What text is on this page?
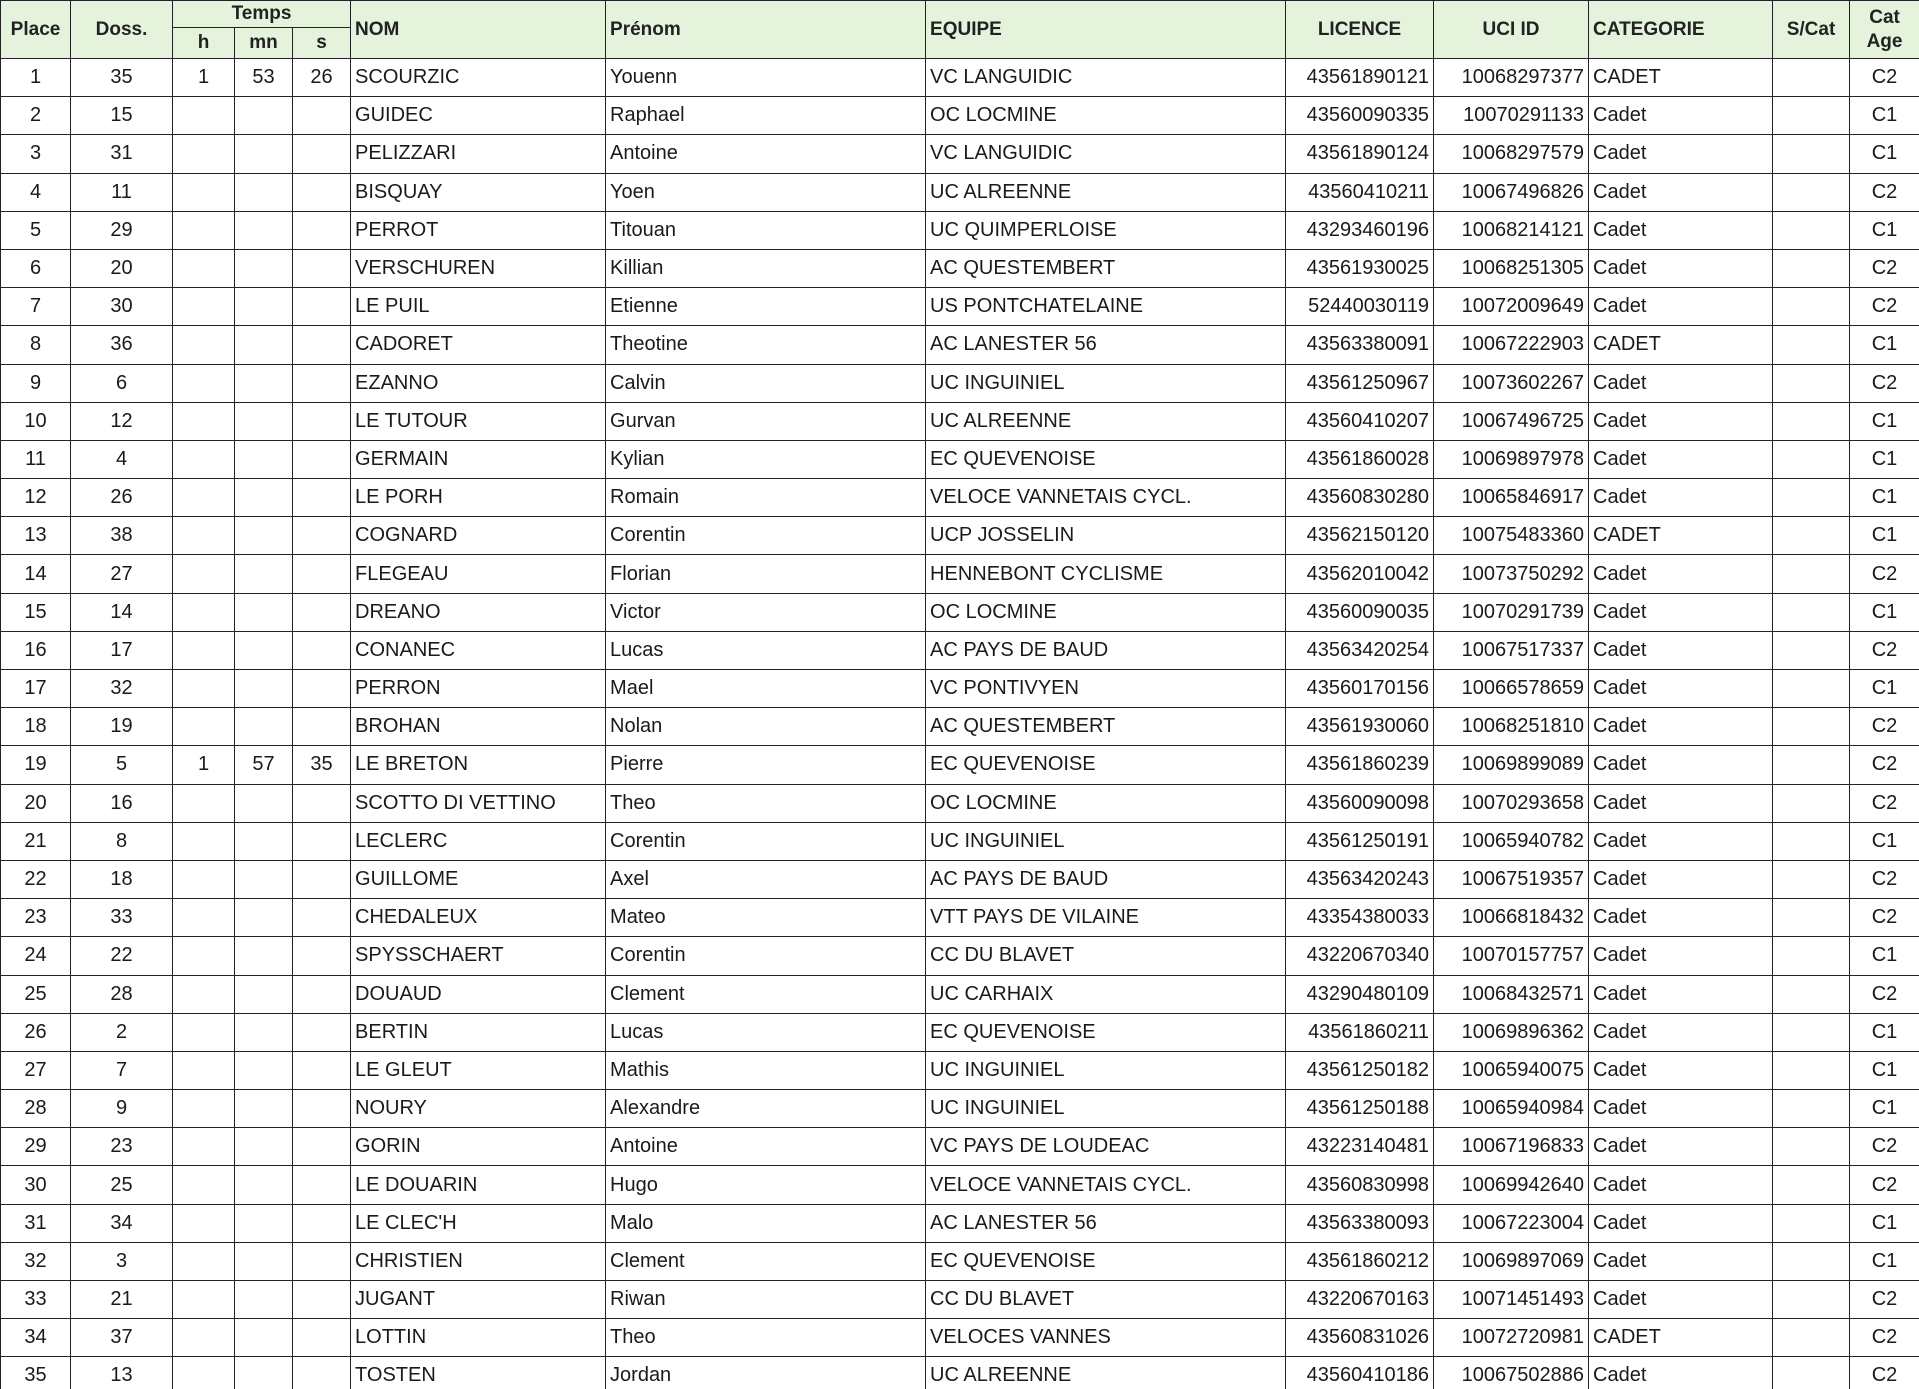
Place	Doss.	Temps			NOM	Prénom	EQUIPE	LICENCE	UCI ID	CATEGORIE	S/Cat	Cat
Age

		h	mn	s								
1	35	1	53	26	SCOURZIC	Youenn	VC LANGUIDIC	43561890121	10068297377	CADET		C2
2	15				GUIDEC	Raphael	OC LOCMINE	43560090335	10070291133	Cadet		C1
3	31				PELIZZARI	Antoine	VC LANGUIDIC	43561890124	10068297579	Cadet		C1
4	11				BISQUAY	Yoen	UC ALREENNE	43560410211	10067496826	Cadet		C2
5	29				PERROT	Titouan	UC QUIMPERLOISE	43293460196	10068214121	Cadet		C1
6	20				VERSCHUREN	Killian	AC QUESTEMBERT	43561930025	10068251305	Cadet		C2
7	30				LE PUIL	Etienne	US PONTCHATELAINE	52440030119	10072009649	Cadet		C2
8	36				CADORET	Theotine	AC LANESTER 56	43563380091	10067222903	CADET		C1
9	6				EZANNO	Calvin	UC INGUINIEL	43561250967	10073602267	Cadet		C2
10	12				LE TUTOUR	Gurvan	UC ALREENNE	43560410207	10067496725	Cadet		C1
11	4				GERMAIN	Kylian	EC QUEVENOISE	43561860028	10069897978	Cadet		C1
12	26				LE PORH	Romain	VELOCE VANNETAIS CYCL.	43560830280	10065846917	Cadet		C1
13	38				COGNARD	Corentin	UCP JOSSELIN	43562150120	10075483360	CADET		C1
14	27				FLEGEAU	Florian	HENNEBONT CYCLISME	43562010042	10073750292	Cadet		C2
15	14				DREANO	Victor	OC LOCMINE	43560090035	10070291739	Cadet		C1
16	17				CONANEC	Lucas	AC PAYS DE BAUD	43563420254	10067517337	Cadet		C2
17	32				PERRON	Mael	VC PONTIVYEN	43560170156	10066578659	Cadet		C1
18	19				BROHAN	Nolan	AC QUESTEMBERT	43561930060	10068251810	Cadet		C2
19	5	1	57	35	LE BRETON	Pierre	EC QUEVENOISE	43561860239	10069899089	Cadet		C2
20	16				SCOTTO DI VETTINO	Theo	OC LOCMINE	43560090098	10070293658	Cadet		C2
21	8				LECLERC	Corentin	UC INGUINIEL	43561250191	10065940782	Cadet		C1
22	18				GUILLOME	Axel	AC PAYS DE BAUD	43563420243	10067519357	Cadet		C2
23	33				CHEDALEUX	Mateo	VTT PAYS DE VILAINE	43354380033	10066818432	Cadet		C2
24	22				SPYSSCHAERT	Corentin	CC DU BLAVET	43220670340	10070157757	Cadet		C1
25	28				DOUAUD	Clement	UC CARHAIX	43290480109	10068432571	Cadet		C2
26	2				BERTIN	Lucas	EC QUEVENOISE	43561860211	10069896362	Cadet		C1
27	7				LE GLEUT	Mathis	UC INGUINIEL	43561250182	10065940075	Cadet		C1
28	9				NOURY	Alexandre	UC INGUINIEL	43561250188	10065940984	Cadet		C1
29	23				GORIN	Antoine	VC PAYS DE LOUDEAC	43223140481	10067196833	Cadet		C2
30	25				LE DOUARIN	Hugo	VELOCE VANNETAIS CYCL.	43560830998	10069942640	Cadet		C2
31	34				LE CLEC'H	Malo	AC LANESTER 56	43563380093	10067223004	Cadet		C1
32	3				CHRISTIEN	Clement	EC QUEVENOISE	43561860212	10069897069	Cadet		C1
33	21				JUGANT	Riwan	CC DU BLAVET	43220670163	10071451493	Cadet		C2
34	37				LOTTIN	Theo	VELOCES VANNES	43560831026	10072720981	CADET		C2
35	13				TOSTEN	Jordan	UC ALREENNE	43560410186	10067502886	Cadet		C2
